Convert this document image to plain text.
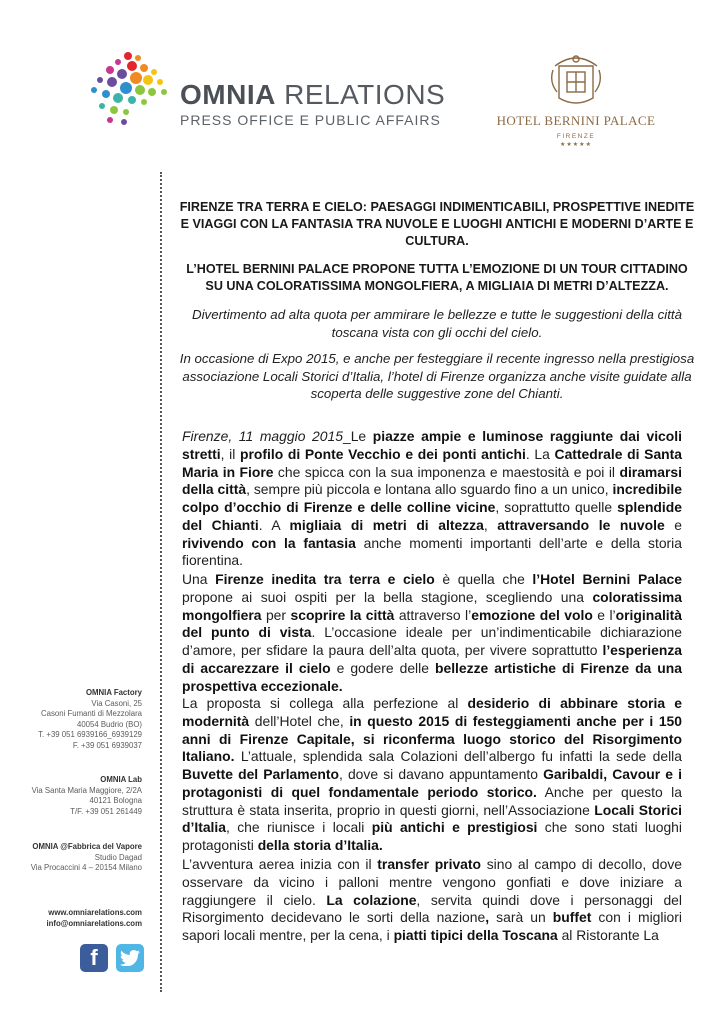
OMNIA RELATIONS
PRESS OFFICE E PUBLIC AFFAIRS	HOTEL BERNINI PALACE
FIRENZE
★★★★★
OMNIA Factory
Via Casoni, 25
Casoni Fumanti di Mezzolara
40054 Budrio (BO)
T. +39 051 6939166_6939129
F. +39 051 6939037
OMNIA Lab
Via Santa Maria Maggiore, 2/2A
40121 Bologna
T/F. +39 051 261449
OMNIA @Fabbrica del Vapore
Studio Dagad
Via Procaccini 4 – 20154 Milano
www.omniarelations.com
info@omniarelations.com
f
FIRENZE TRA TERRA E CIELO: PAESAGGI INDIMENTICABILI, PROSPETTIVE INEDITE E VIAGGI CON LA FANTASIA TRA NUVOLE E LUOGHI ANTICHI E MODERNI D’ARTE E CULTURA.
L’HOTEL BERNINI PALACE PROPONE TUTTA L’EMOZIONE DI UN TOUR CITTADINO SU UNA COLORATISSIMA MONGOLFIERA, A MIGLIAIA DI METRI D’ALTEZZA.
Divertimento ad alta quota per ammirare le bellezze e tutte le suggestioni della città toscana vista con gli occhi del cielo.
In occasione di Expo 2015, e anche per festeggiare il recente ingresso nella prestigiosa associazione Locali Storici d’Italia, l’hotel di Firenze organizza anche visite guidate alla scoperta delle suggestive zone del Chianti.
Firenze, 11 maggio 2015_Le piazze ampie e luminose raggiunte dai vicoli stretti, il profilo di Ponte Vecchio e dei ponti antichi. La Cattedrale di Santa Maria in Fiore che spicca con la sua imponenza e maestosità e poi il diramarsi della città, sempre più piccola e lontana allo sguardo fino a un unico, incredibile colpo d’occhio di Firenze e delle colline vicine, soprattutto quelle splendide del Chianti. A migliaia di metri di altezza, attraversando le nuvole e rivivendo con la fantasia anche momenti importanti dell’arte e della storia fiorentina.
Una Firenze inedita tra terra e cielo è quella che l’Hotel Bernini Palace propone ai suoi ospiti per la bella stagione, scegliendo una coloratissima mongolfiera per scoprire la città attraverso l’emozione del volo e l’originalità del punto di vista. L’occasione ideale per un’indimenticabile dichiarazione d’amore, per sfidare la paura dell’alta quota, per vivere soprattutto l’esperienza di accarezzare il cielo e godere delle bellezze artistiche di Firenze da una prospettiva eccezionale.
La proposta si collega alla perfezione al desiderio di abbinare storia e modernità dell’Hotel che, in questo 2015 di festeggiamenti anche per i 150 anni di Firenze Capitale, si riconferma luogo storico del Risorgimento Italiano. L’attuale, splendida sala Colazioni dell’albergo fu infatti la sede della Buvette del Parlamento, dove si davano appuntamento Garibaldi, Cavour e i protagonisti di quel fondamentale periodo storico. Anche per questo la struttura è stata inserita, proprio in questi giorni, nell’Associazione Locali Storici d’Italia, che riunisce i locali più antichi e prestigiosi che sono stati luoghi protagonisti della storia d’Italia.
L’avventura aerea inizia con il transfer privato sino al campo di decollo, dove osservare da vicino i palloni mentre vengono gonfiati e dove iniziare a raggiungere il cielo. La colazione, servita quindi dove i personaggi del Risorgimento decidevano le sorti della nazione, sarà un buffet con i migliori sapori locali mentre, per la cena, i piatti tipici della Toscana al Ristorante La
